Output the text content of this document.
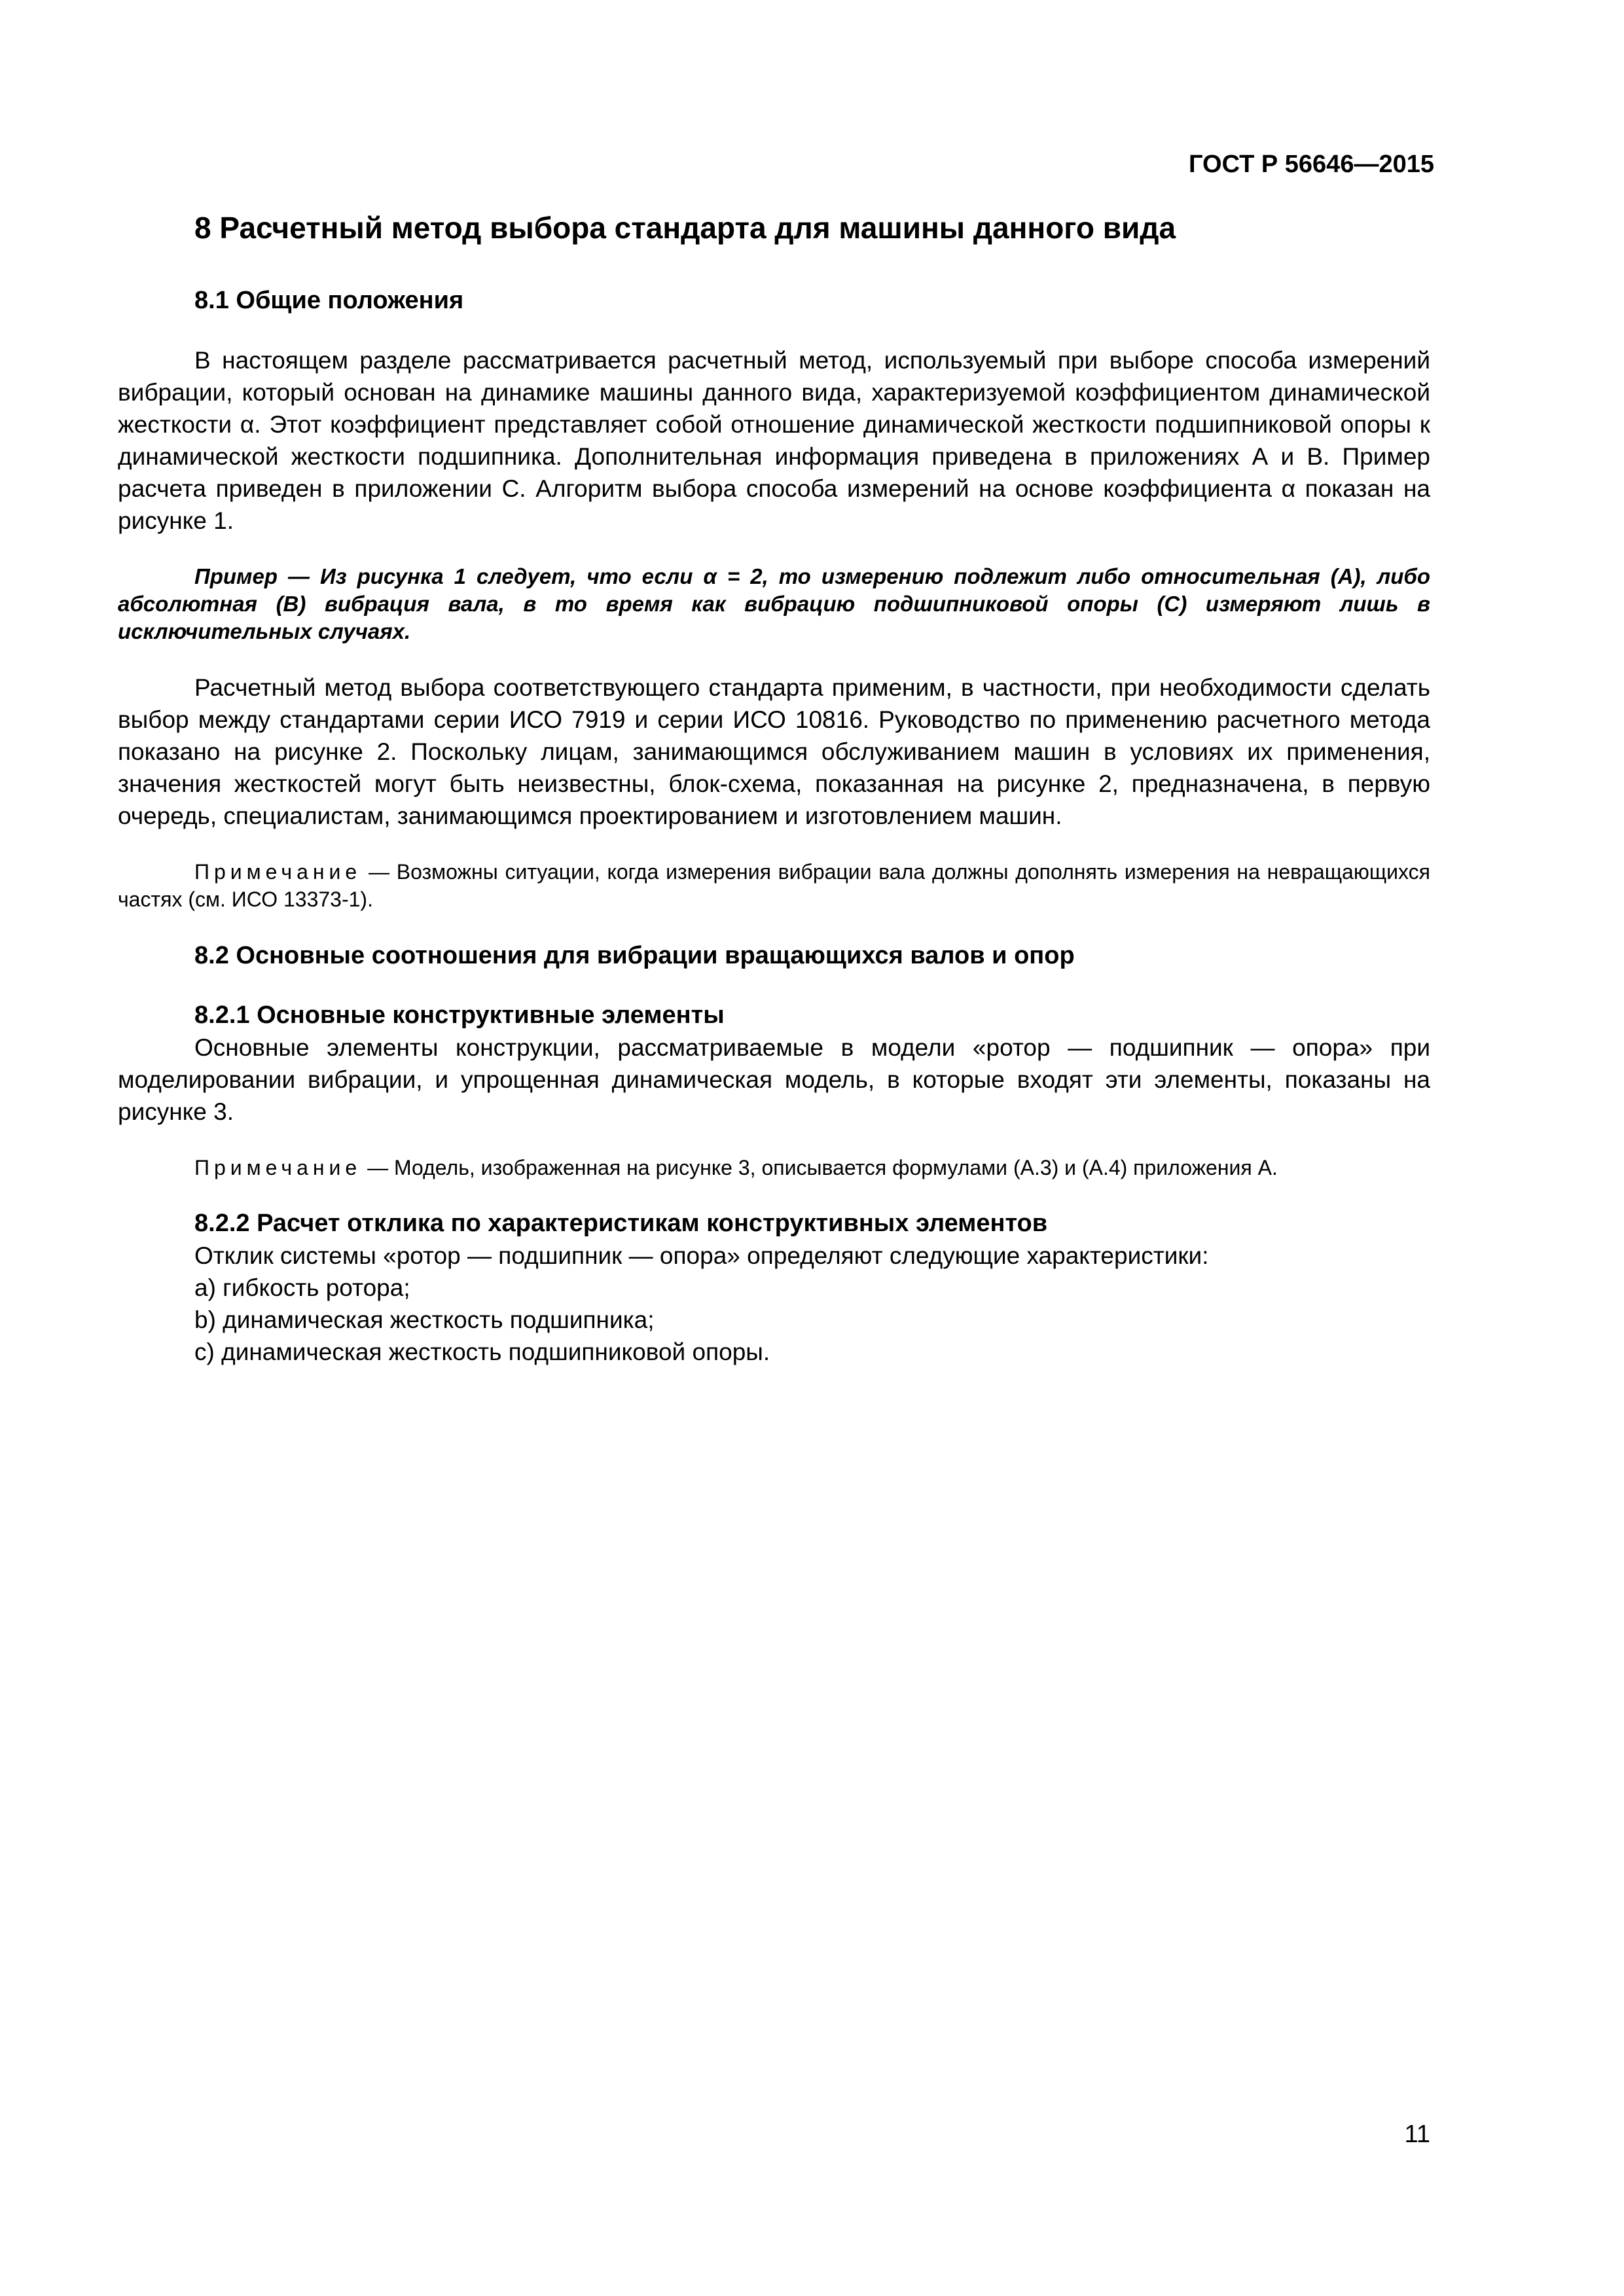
ГОСТ Р 56646—2015
8 Расчетный метод выбора стандарта для машины данного вида
8.1 Общие положения

В настоящем разделе рассматривается расчетный метод, используемый при выборе способа измерений вибрации, который основан на динамике машины данного вида, характеризуемой коэффициентом динамической жесткости α. Этот коэффициент представляет собой отношение динамической жесткости подшипниковой опоры к динамической жесткости подшипника. Дополнительная информация приведена в приложениях А и В. Пример расчета приведен в приложении С. Алгоритм выбора способа измерений на основе коэффициента α показан на рисунке 1.

Пример — Из рисунка 1 следует, что если α = 2, то измерению подлежит либо относительная (А), либо абсолютная (В) вибрация вала, в то время как вибрацию подшипниковой опоры (С) измеряют лишь в исключительных случаях.

Расчетный метод выбора соответствующего стандарта применим, в частности, при необходимости сделать выбор между стандартами серии ИСО 7919 и серии ИСО 10816. Руководство по применению расчетного метода показано на рисунке 2. Поскольку лицам, занимающимся обслуживанием машин в условиях их применения, значения жесткостей могут быть неизвестны, блок-схема, показанная на рисунке 2, предназначена, в первую очередь, специалистам, занимающимся проектированием и изготовлением машин.

Примечание — Возможны ситуации, когда измерения вибрации вала должны дополнять измерения на невращающихся частях (см. ИСО 13373-1).

8.2 Основные соотношения для вибрации вращающихся валов и опор
8.2.1 Основные конструктивные элементы

Основные элементы конструкции, рассматриваемые в модели «ротор — подшипник — опора» при моделировании вибрации, и упрощенная динамическая модель, в которые входят эти элементы, показаны на рисунке 3.

Примечание — Модель, изображенная на рисунке 3, описывается формулами (А.3) и (А.4) приложения А.

8.2.2 Расчет отклика по характеристикам конструктивных элементов

Отклик системы «ротор — подшипник — опора» определяют следующие характеристики:

а) гибкость ротора;
b) динамическая жесткость подшипника;
c) динамическая жесткость подшипниковой опоры.
11
